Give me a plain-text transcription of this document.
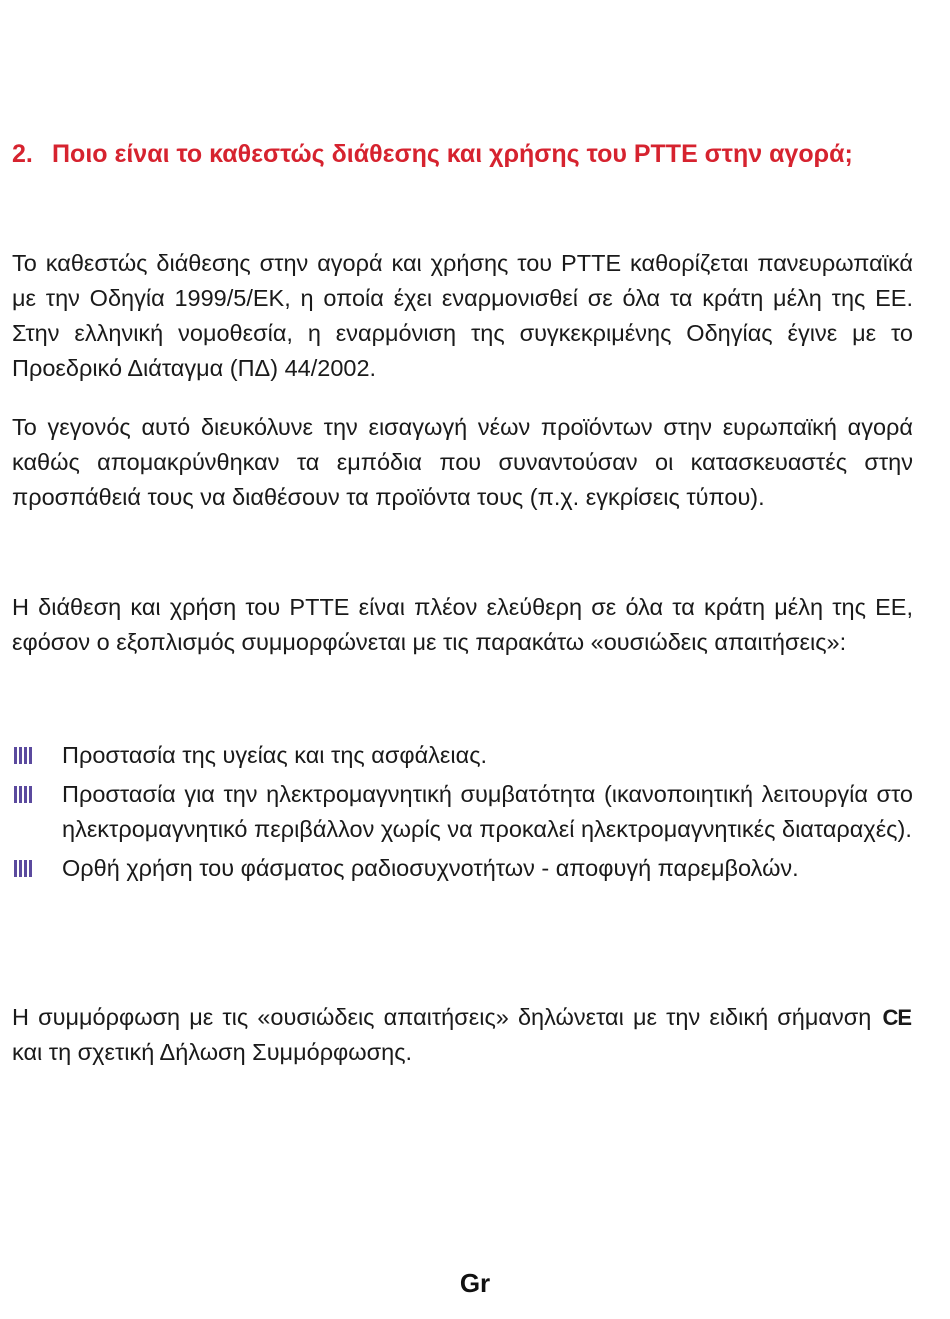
2. Ποιο είναι το καθεστώς διάθεσης και χρήσης του PTTE στην αγορά;

Το καθεστώς διάθεσης στην αγορά και χρήσης του PTTE καθορίζεται πανευρωπαϊκά με την Οδηγία 1999/5/ΕΚ, η οποία έχει εναρμονισθεί σε όλα τα κράτη μέλη της ΕΕ. Στην ελληνική νομοθεσία, η εναρμόνιση της συγκεκριμένης Οδηγίας έγινε με το Προεδρικό Διάταγμα (ΠΔ) 44/2002.

Το γεγονός αυτό διευκόλυνε την εισαγωγή νέων προϊόντων στην ευρωπαϊκή αγορά καθώς απομακρύνθηκαν τα εμπόδια που συναντούσαν οι κατασκευαστές στην προσπάθειά τους να διαθέσουν τα προϊόντα τους (π.χ. εγκρίσεις τύπου).

Η διάθεση και χρήση του PTTE είναι πλέον ελεύθερη σε όλα τα κράτη μέλη της ΕΕ, εφόσον ο εξοπλισμός συμμορφώνεται με τις παρακάτω «ουσιώδεις απαιτήσεις»:

Προστασία της υγείας και της ασφάλειας.
Προστασία για την ηλεκτρομαγνητική συμβατότητα (ικανοποιητική λειτουργία στο ηλεκτρομαγνητικό περιβάλλον χωρίς να προκαλεί ηλεκτρομαγνητικές διαταραχές).
Ορθή χρήση του φάσματος ραδιοσυχνοτήτων - αποφυγή παρεμβολών.

Η συμμόρφωση με τις «ουσιώδεις απαιτήσεις» δηλώνεται με την ειδική σήμανση CE και τη σχετική Δήλωση Συμμόρφωσης.

Gr
